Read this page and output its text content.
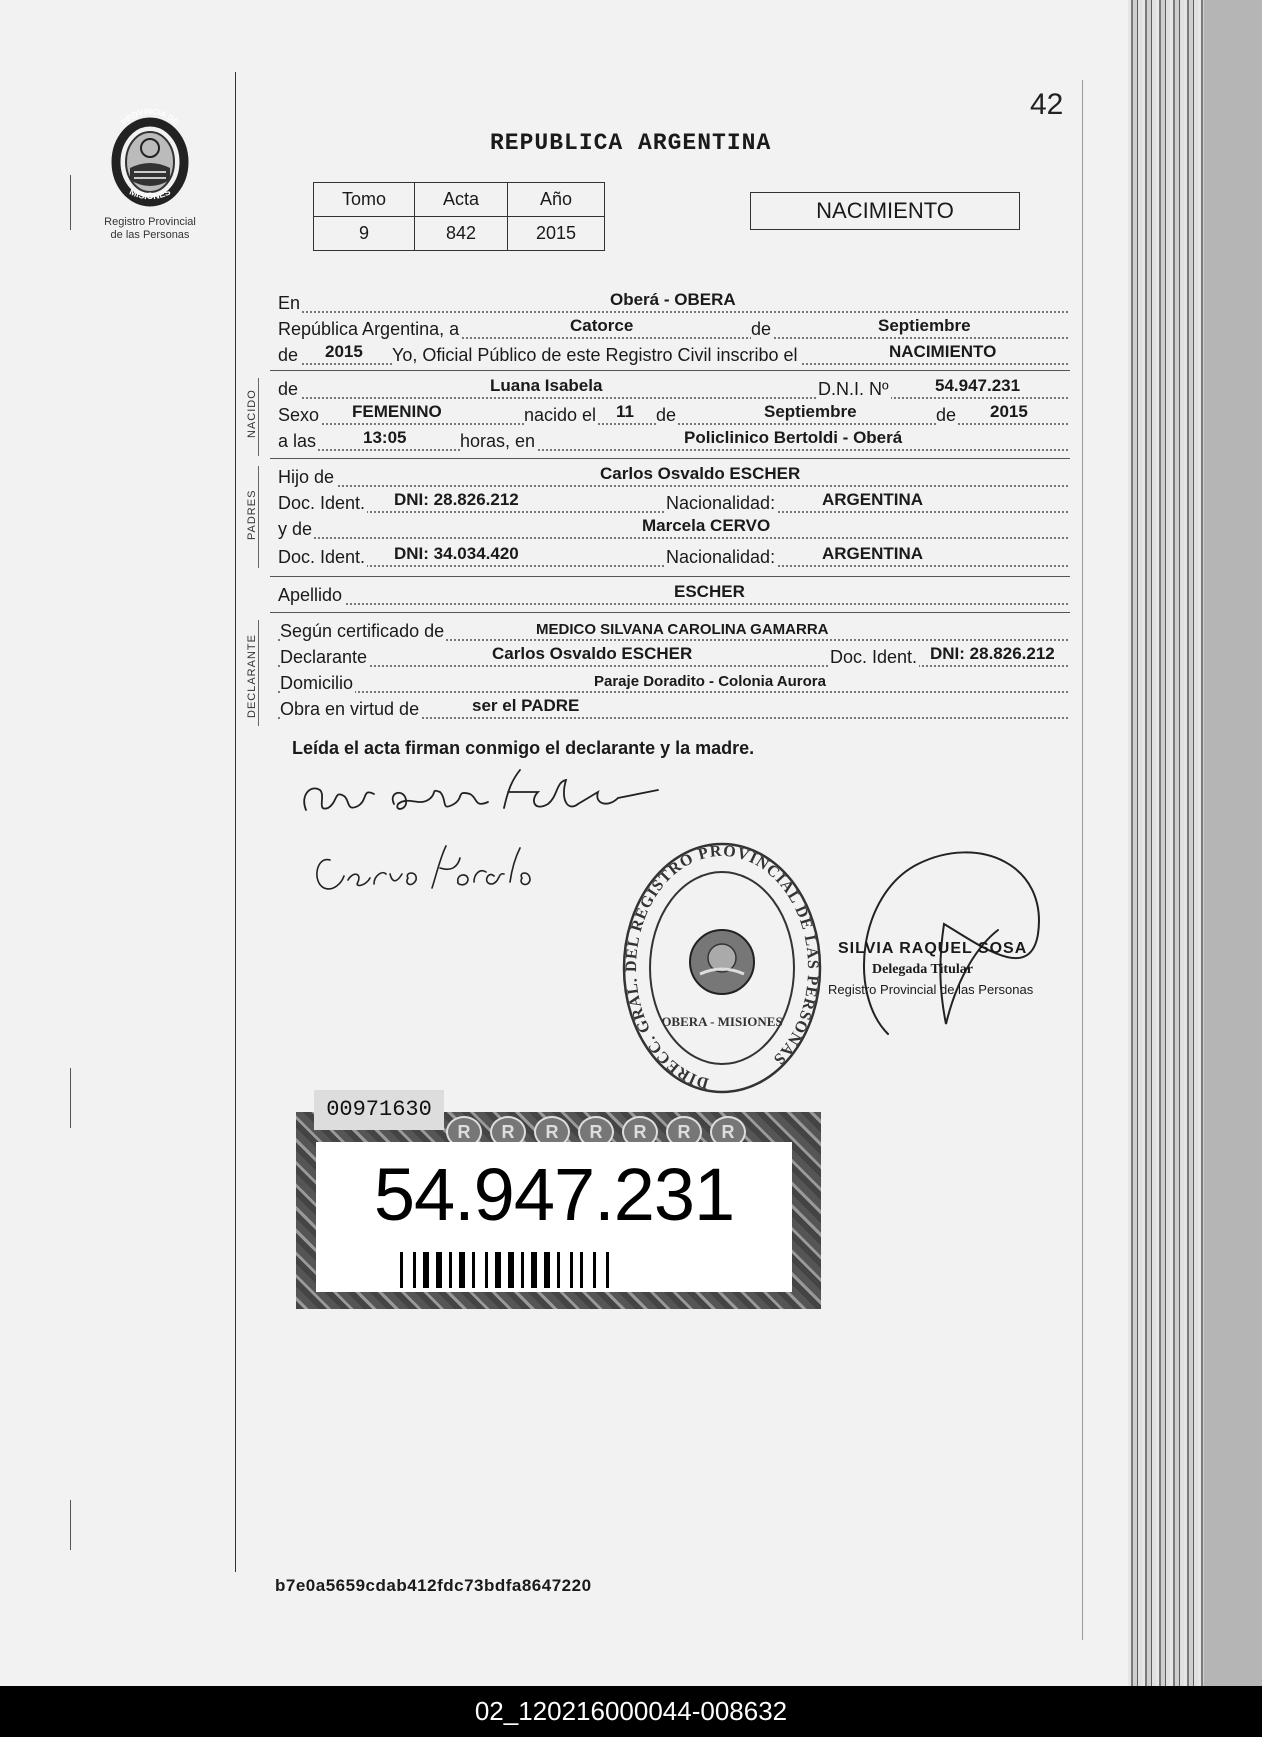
PROVINCIA DE
MISIONES
Registro Provincial
de las Personas
42
REPUBLICA ARGENTINA
Tomo	Acta	Año
9	842	2015
NACIMIENTO
En	Oberá - OBERA
República Argentina, a	Catorce	de	Septiembre
de 2015 Yo, Oficial Público de este Registro Civil inscribo el	NACIMIENTO
NACIDO
de	Luana Isabela	D.N.I. Nº	54.947.231
Sexo FEMENINO	nacido el 11 de	Septiembre	de 2015
a las	13:05	horas, en	Policlinico Bertoldi - Oberá
PADRES
Hijo de	Carlos Osvaldo ESCHER
Doc. Ident. DNI: 28.826.212	Nacionalidad:	ARGENTINA
y de	Marcela CERVO
Doc. Ident. DNI: 34.034.420	Nacionalidad:	ARGENTINA
Apellido	ESCHER
DECLARANTE
Según certificado de	MEDICO SILVANA CAROLINA GAMARRA
Declarante	Carlos Osvaldo ESCHER	Doc. Ident. DNI: 28.826.212
Domicilio	Paraje Doradito - Colonia Aurora
Obra en virtud de	ser el PADRE
Leída el acta firman conmigo el declarante y la madre.
DIRECC. GRAL. DEL REGISTRO PROVINCIAL DE LAS PERSONAS
OBERA - MISIONES
SILVIA RAQUEL SOSA
Delegada Titular
Registro Provincial de las Personas
R	R	R	R	R	R	R
54.947.231
00971630
b7e0a5659cdab412fdc73bdfa8647220
02_120216000044-008632
